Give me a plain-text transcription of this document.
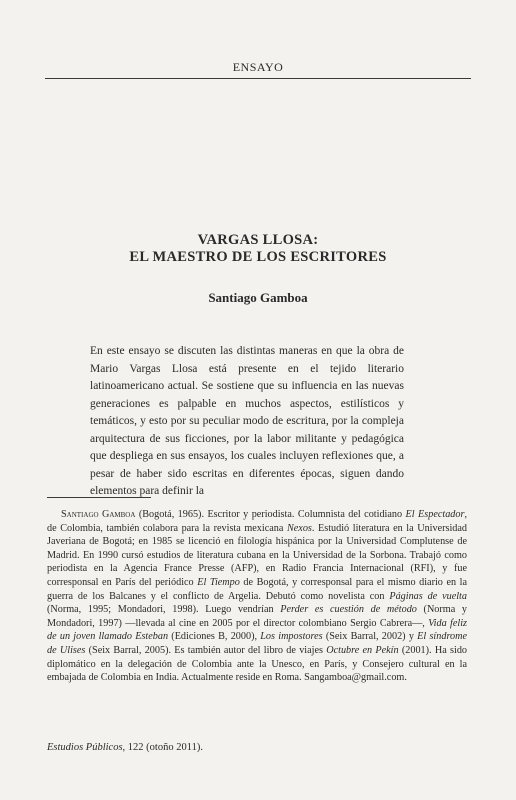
ENSAYO
VARGAS LLOSA:
EL MAESTRO DE LOS ESCRITORES
Santiago Gamboa

En este ensayo se discuten las distintas maneras en que la obra de Mario Vargas Llosa está presente en el tejido literario latinoamericano actual. Se sostiene que su influencia en las nuevas generaciones es palpable en muchos aspectos, estilísticos y temáticos, y esto por su peculiar modo de escritura, por la compleja arquitectura de sus ficciones, por la labor militante y pedagógica que despliega en sus ensayos, los cuales incluyen reflexiones que, a pesar de haber sido escritas en diferentes épocas, siguen dando elementos para definir la

Santiago Gamboa (Bogotá, 1965). Escritor y periodista. Columnista del cotidiano El Espectador, de Colombia, también colabora para la revista mexicana Nexos. Estudió literatura en la Universidad Javeriana de Bogotá; en 1985 se licenció en filología hispánica por la Universidad Complutense de Madrid. En 1990 cursó estudios de literatura cubana en la Universidad de la Sorbona. Trabajó como periodista en la Agencia France Presse (AFP), en Radio Francia Internacional (RFI), y fue corresponsal en París del periódico El Tiempo de Bogotá, y corresponsal para el mismo diario en la guerra de los Balcanes y el conflicto de Argelia. Debutó como novelista con Páginas de vuelta (Norma, 1995; Mondadori, 1998). Luego vendrían Perder es cuestión de método (Norma y Mondadori, 1997) —llevada al cine en 2005 por el director colombiano Sergio Cabrera—, Vida feliz de un joven llamado Esteban (Ediciones B, 2000), Los impostores (Seix Barral, 2002) y El síndrome de Ulises (Seix Barral, 2005). Es también autor del libro de viajes Octubre en Pekín (2001). Ha sido diplomático en la delegación de Colombia ante la Unesco, en París, y Consejero cultural en la embajada de Colombia en India. Actualmente reside en Roma. Sangamboa@gmail.com.

Estudios Públicos, 122 (otoño 2011).
